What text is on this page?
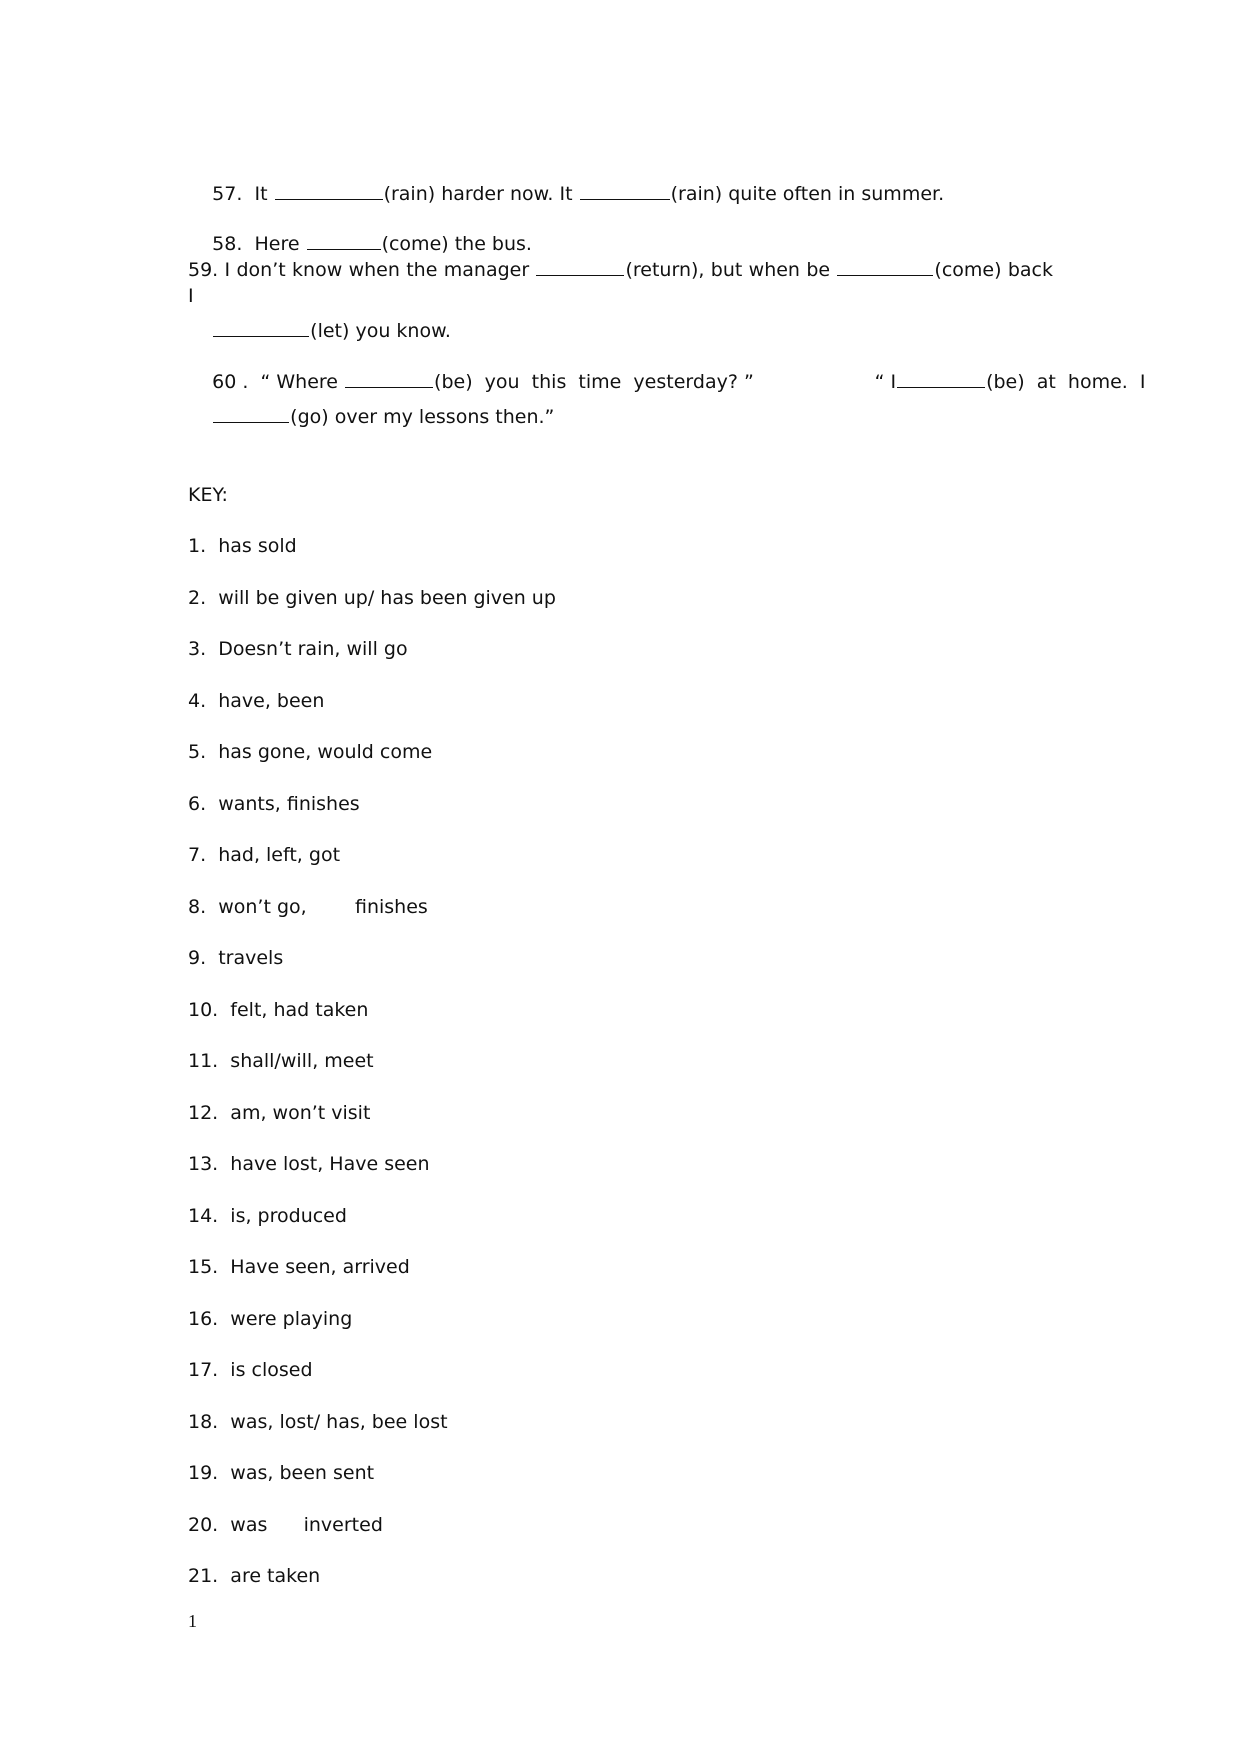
57.  It	(rain) harder now. It	(rain) quite often in summer.

58.  Here	(come) the bus.

59. I don’t know when the manager	(return), but when be	(come) back I

(let) you know.

60 .  “ Where	(be)  you  this  time  yesterday? ”                    “ I	(be)  at  home.  I

(go) over my lessons then.”

KEY:
1.  has sold
2.  will be given up/ has been given up
3.  Doesn’t rain, will go
4.  have, been
5.  has gone, would come
6.  wants, finishes
7.  had, left, got
8.  won’t go,        finishes
9.  travels
10.  felt, had taken
11.  shall/will, meet
12.  am, won’t visit
13.  have lost, Have seen
14.  is, produced
15.  Have seen, arrived
16.  were playing
17.  is closed
18.  was, lost/ has, bee lost
19.  was, been sent
20.  was      inverted
21.  are taken
1
